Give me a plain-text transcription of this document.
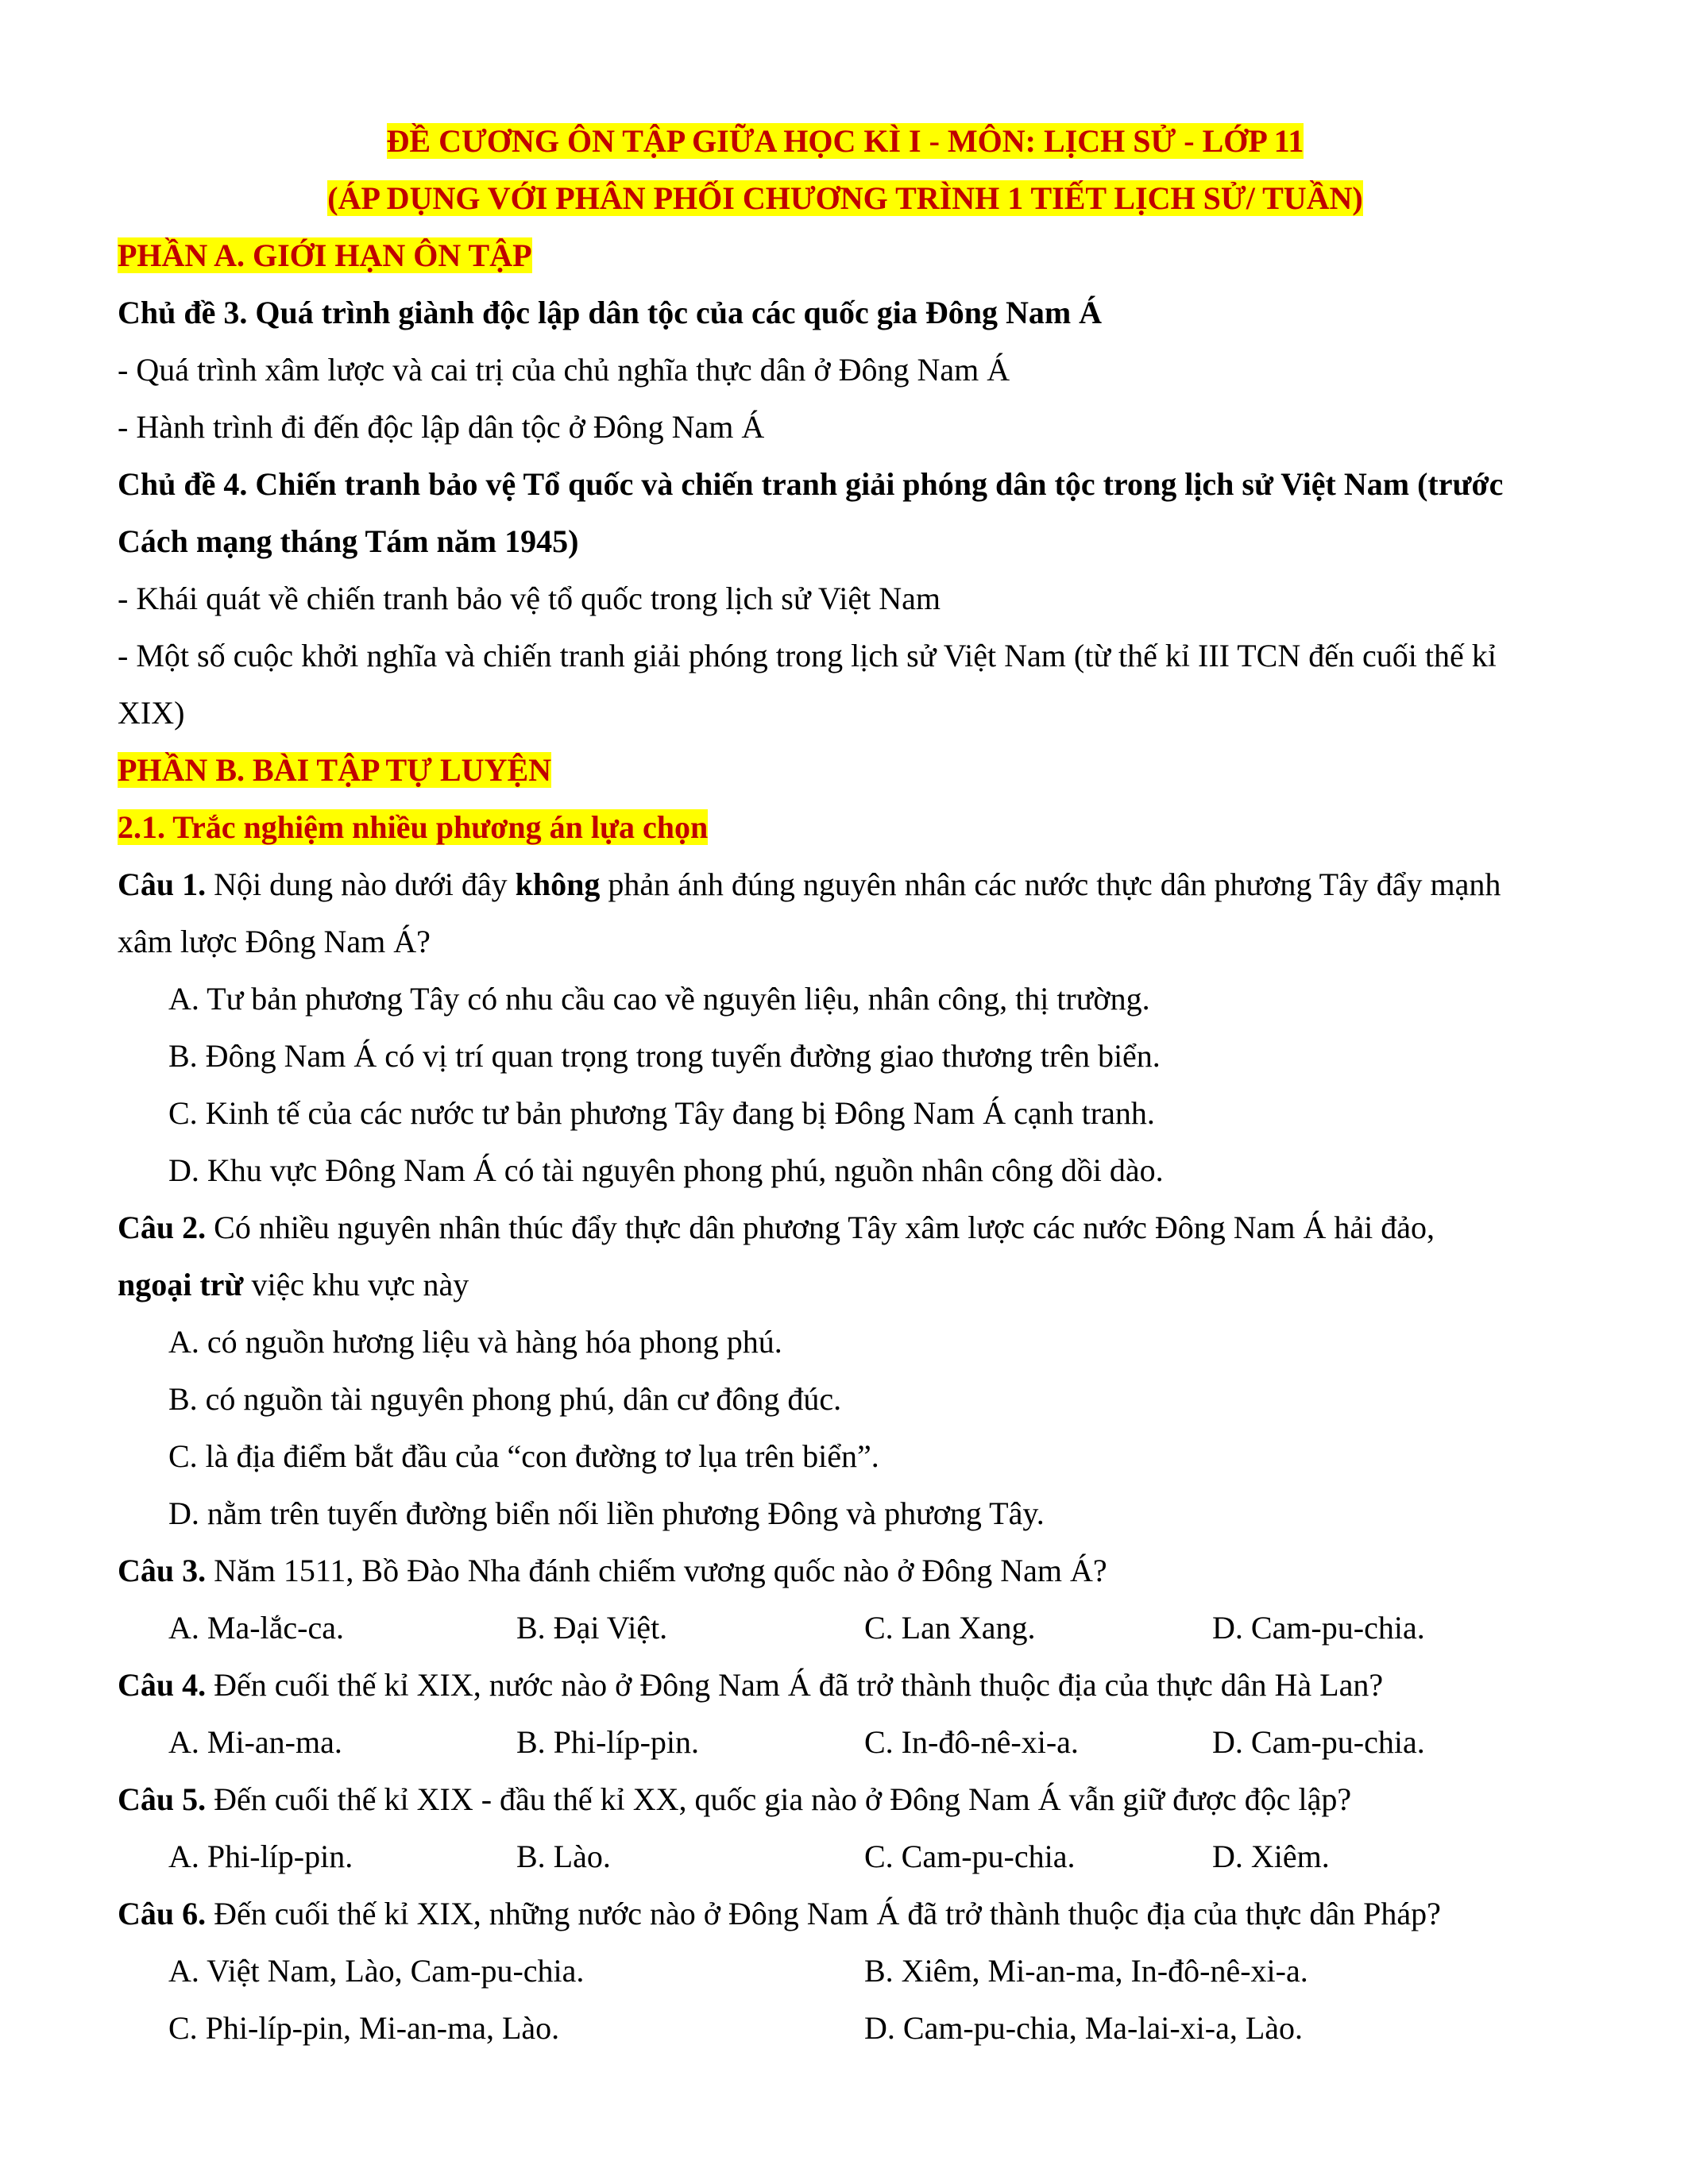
ĐỀ CƯƠNG ÔN TẬP GIỮA HỌC KÌ I - MÔN: LỊCH SỬ - LỚP 11
(ÁP DỤNG VỚI PHÂN PHỐI CHƯƠNG TRÌNH 1 TIẾT LỊCH SỬ/ TUẦN)
PHẦN A. GIỚI HẠN ÔN TẬP
Chủ đề 3. Quá trình giành độc lập dân tộc của các quốc gia Đông Nam Á
- Quá trình xâm lược và cai trị của chủ nghĩa thực dân ở Đông Nam Á
- Hành trình đi đến độc lập dân tộc ở Đông Nam Á
Chủ đề 4. Chiến tranh bảo vệ Tổ quốc và chiến tranh giải phóng dân tộc trong lịch sử Việt Nam (trước
Cách mạng tháng Tám năm 1945)
- Khái quát về chiến tranh bảo vệ tổ quốc trong lịch sử Việt Nam
- Một số cuộc khởi nghĩa và chiến tranh giải phóng trong lịch sử Việt Nam (từ thế kỉ III TCN đến cuối thế kỉ
XIX)
PHẦN B. BÀI TẬP TỰ LUYỆN
2.1. Trắc nghiệm nhiều phương án lựa chọn
Câu 1. Nội dung nào dưới đây không phản ánh đúng nguyên nhân các nước thực dân phương Tây đẩy mạnh
xâm lược Đông Nam Á?
A. Tư bản phương Tây có nhu cầu cao về nguyên liệu, nhân công, thị trường.
B. Đông Nam Á có vị trí quan trọng trong tuyến đường giao thương trên biển.
C. Kinh tế của các nước tư bản phương Tây đang bị Đông Nam Á cạnh tranh.
D. Khu vực Đông Nam Á có tài nguyên phong phú, nguồn nhân công dồi dào.
Câu 2. Có nhiều nguyên nhân thúc đẩy thực dân phương Tây xâm lược các nước Đông Nam Á hải đảo,
ngoại trừ việc khu vực này
A. có nguồn hương liệu và hàng hóa phong phú.
B. có nguồn tài nguyên phong phú, dân cư đông đúc.
C. là địa điểm bắt đầu của “con đường tơ lụa trên biển”.
D. nằm trên tuyến đường biển nối liền phương Đông và phương Tây.
Câu 3. Năm 1511, Bồ Đào Nha đánh chiếm vương quốc nào ở Đông Nam Á?
A. Ma-lắc-ca.	B. Đại Việt.	C. Lan Xang.	D. Cam-pu-chia.
Câu 4. Đến cuối thế kỉ XIX, nước nào ở Đông Nam Á đã trở thành thuộc địa của thực dân Hà Lan?
A. Mi-an-ma.	B. Phi-líp-pin.	C. In-đô-nê-xi-a.	D. Cam-pu-chia.
Câu 5. Đến cuối thế kỉ XIX - đầu thế kỉ XX, quốc gia nào ở Đông Nam Á vẫn giữ được độc lập?
A. Phi-líp-pin.	B. Lào.	C. Cam-pu-chia.	D. Xiêm.
Câu 6. Đến cuối thế kỉ XIX, những nước nào ở Đông Nam Á đã trở thành thuộc địa của thực dân Pháp?
A. Việt Nam, Lào, Cam-pu-chia.	B. Xiêm, Mi-an-ma, In-đô-nê-xi-a.
C. Phi-líp-pin, Mi-an-ma, Lào.	D. Cam-pu-chia, Ma-lai-xi-a, Lào.
